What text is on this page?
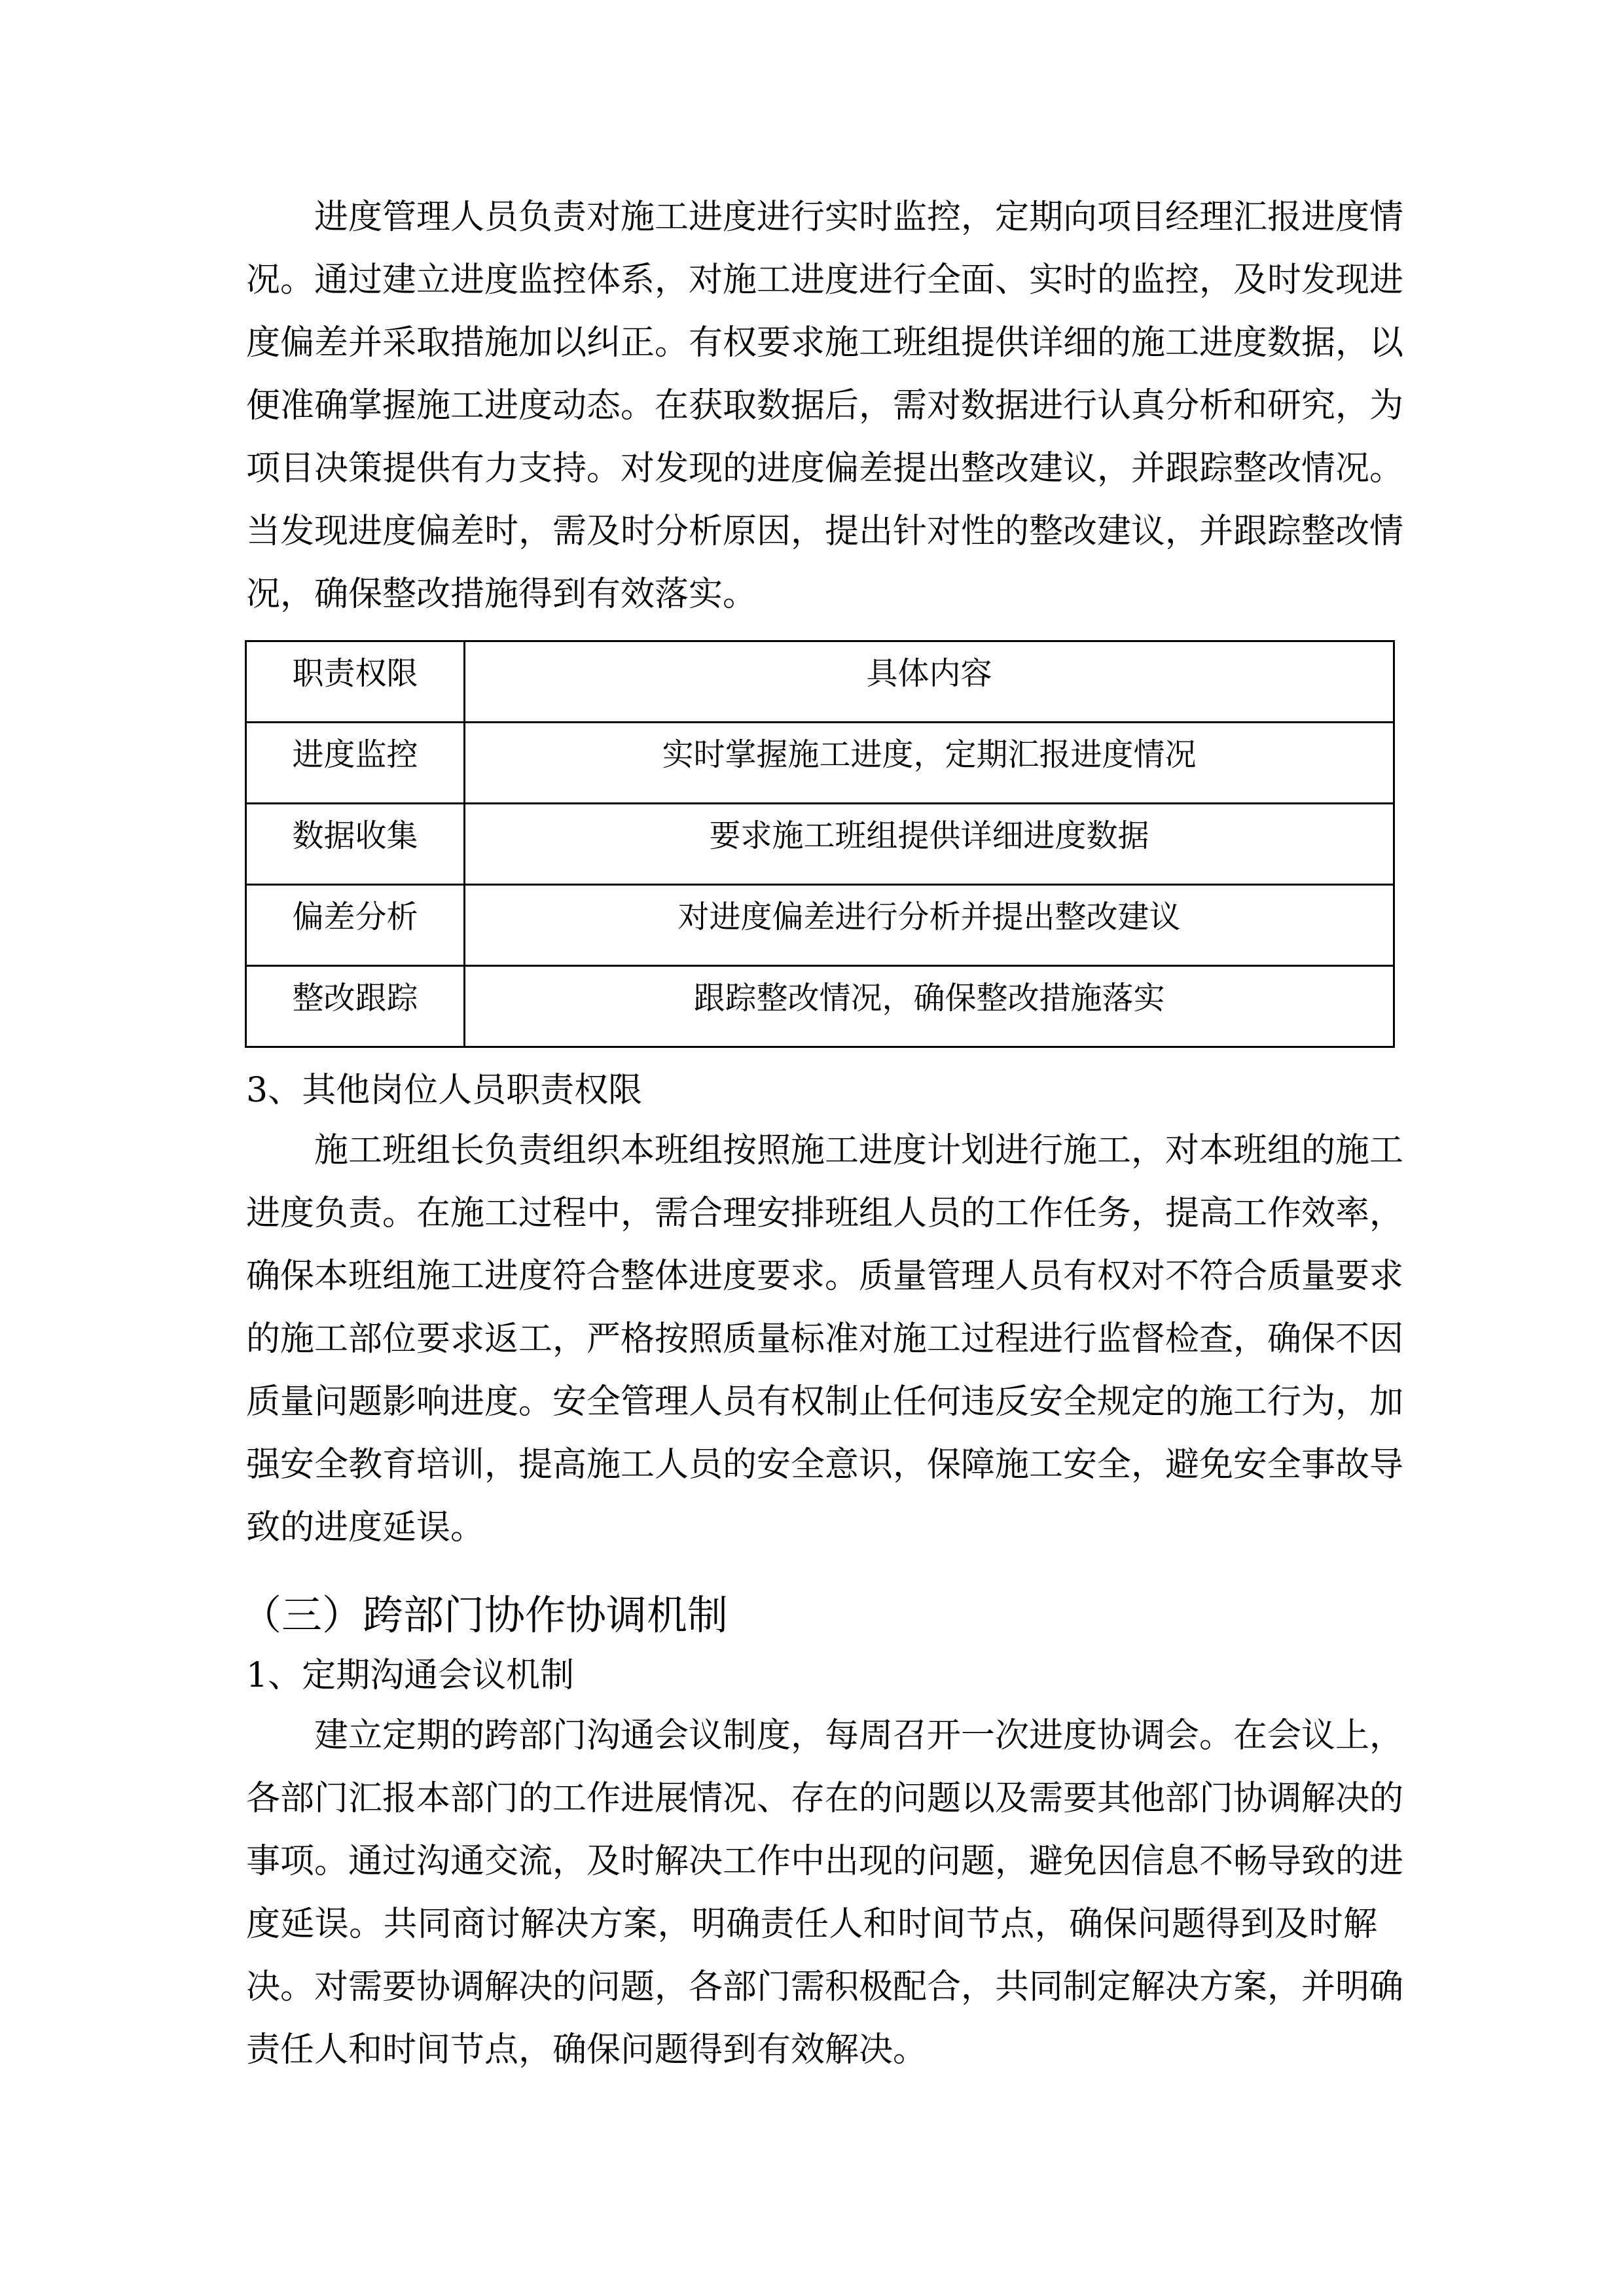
进度管理人员负责对施工进度进行实时监控，定期向项目经理汇报进度情
况。通过建立进度监控体系，对施工进度进行全面、实时的监控，及时发现进
度偏差并采取措施加以纠正。有权要求施工班组提供详细的施工进度数据，以
便准确掌握施工进度动态。在获取数据后，需对数据进行认真分析和研究，为
项目决策提供有力支持。对发现的进度偏差提出整改建议，并跟踪整改情况。
当发现进度偏差时，需及时分析原因，提出针对性的整改建议，并跟踪整改情
况，确保整改措施得到有效落实。
职责权限	具体内容
进度监控	实时掌握施工进度，定期汇报进度情况
数据收集	要求施工班组提供详细进度数据
偏差分析	对进度偏差进行分析并提出整改建议
整改跟踪	跟踪整改情况，确保整改措施落实
3、其他岗位人员职责权限
施工班组长负责组织本班组按照施工进度计划进行施工，对本班组的施工
进度负责。在施工过程中，需合理安排班组人员的工作任务，提高工作效率，
确保本班组施工进度符合整体进度要求。质量管理人员有权对不符合质量要求
的施工部位要求返工，严格按照质量标准对施工过程进行监督检查，确保不因
质量问题影响进度。安全管理人员有权制止任何违反安全规定的施工行为，加
强安全教育培训，提高施工人员的安全意识，保障施工安全，避免安全事故导
致的进度延误。
（三）跨部门协作协调机制
1、定期沟通会议机制
建立定期的跨部门沟通会议制度，每周召开一次进度协调会。在会议上，
各部门汇报本部门的工作进展情况、存在的问题以及需要其他部门协调解决的
事项。通过沟通交流，及时解决工作中出现的问题，避免因信息不畅导致的进
度延误。共同商讨解决方案，明确责任人和时间节点，确保问题得到及时解
决。对需要协调解决的问题，各部门需积极配合，共同制定解决方案，并明确
责任人和时间节点，确保问题得到有效解决。
